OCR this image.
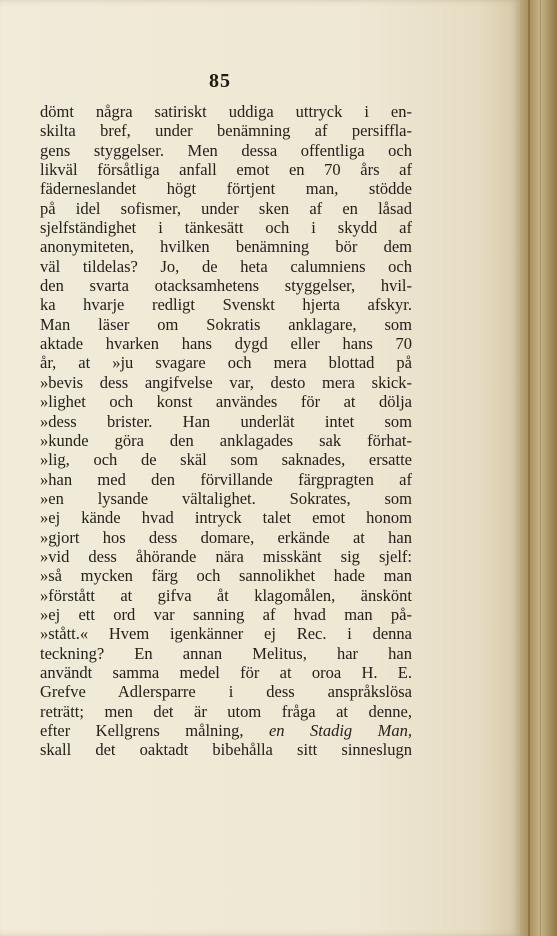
85
dömt några satiriskt uddiga uttryck i en-
skilta bref, under benämning af persiffla-
gens styggelser. Men dessa offentliga och
likväl försåtliga anfall emot en 70 års af
fäderneslandet högt förtjent man, stödde
på idel sofismer, under sken af en låsad
sjelfständighet i tänkesätt och i skydd af
anonymiteten, hvilken benämning bör dem
väl tildelas? Jo, de heta calumniens och
den svarta otacksamhetens styggelser, hvil-
ka hvarje redligt Svenskt hjerta afskyr.
Man läser om Sokratis anklagare, som
aktade hvarken hans dygd eller hans 70
år, at »ju svagare och mera blottad på
»bevis dess angifvelse var, desto mera skick-
»lighet och konst användes för at dölja
»dess brister. Han underlät intet som
»kunde göra den anklagades sak förhat-
»lig, och de skäl som saknades, ersatte
»han med den förvillande färgpragten af
»en lysande vältalighet. Sokrates, som
»ej kände hvad intryck talet emot honom
»gjort hos dess domare, erkände at han
»vid dess åhörande nära misskänt sig sjelf:
»så mycken färg och sannolikhet hade man
»förstått at gifva åt klagomålen, änskönt
»ej ett ord var sanning af hvad man på-
»stått.« Hvem igenkänner ej Rec. i denna
teckning? En annan Melitus, har han
användt samma medel för at oroa H. E.
Grefve Adlersparre i dess anspråkslösa
reträtt; men det är utom fråga at denne,
efter Kellgrens målning, en Stadig Man,
skall det oaktadt bibehålla sitt sinneslugn
